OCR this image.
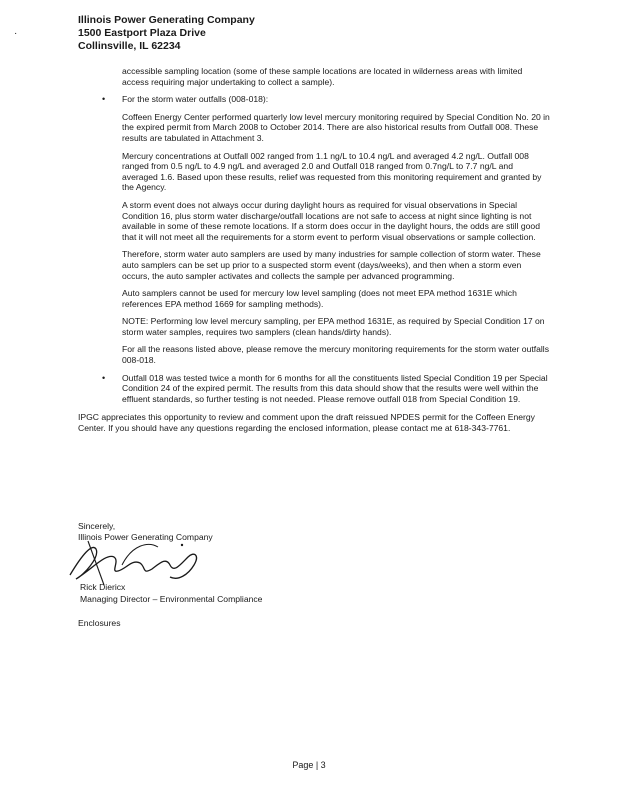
Illinois Power Generating Company
1500 Eastport Plaza Drive
Collinsville, IL 62234
·

accessible sampling location (some of these sample locations are located in wilderness areas with limited access requiring major undertaking to collect a sample).

• For the storm water outfalls (008-018):

Coffeen Energy Center performed quarterly low level mercury monitoring required by Special Condition No. 20 in the expired permit from March 2008 to October 2014. There are also historical results from Outfall 008. These results are tabulated in Attachment 3.

Mercury concentrations at Outfall 002 ranged from 1.1 ng/L to 10.4 ng/L and averaged 4.2 ng/L. Outfall 008 ranged from 0.5 ng/L to 4.9 ng/L and averaged 2.0 and Outfall 018 ranged from 0.7ng/L to 7.7 ng/L and averaged 1.6. Based upon these results, relief was requested from this monitoring requirement and granted by the Agency.

A storm event does not always occur during daylight hours as required for visual observations in Special Condition 16, plus storm water discharge/outfall locations are not safe to access at night since lighting is not available in some of these remote locations. If a storm does occur in the daylight hours, the odds are still good that it will not meet all the requirements for a storm event to perform visual observations or sample collection.

Therefore, storm water auto samplers are used by many industries for sample collection of storm water. These auto samplers can be set up prior to a suspected storm event (days/weeks), and then when a storm even occurs, the auto sampler activates and collects the sample per advanced programming.

Auto samplers cannot be used for mercury low level sampling (does not meet EPA method 1631E which references EPA method 1669 for sampling methods).

NOTE: Performing low level mercury sampling, per EPA method 1631E, as required by Special Condition 17 on storm water samples, requires two samplers (clean hands/dirty hands).

For all the reasons listed above, please remove the mercury monitoring requirements for the storm water outfalls 008-018.

• Outfall 018 was tested twice a month for 6 months for all the constituents listed Special Condition 19 per Special Condition 24 of the expired permit. The results from this data should show that the results were well within the effluent standards, so further testing is not needed. Please remove outfall 018 from Special Condition 19.

IPGC appreciates this opportunity to review and comment upon the draft reissued NPDES permit for the Coffeen Energy Center. If you should have any questions regarding the enclosed information, please contact me at 618-343-7761.

Sincerely,
Illinois Power Generating Company
Rick Diericx
Managing Director – Environmental Compliance
Enclosures
Page | 3
